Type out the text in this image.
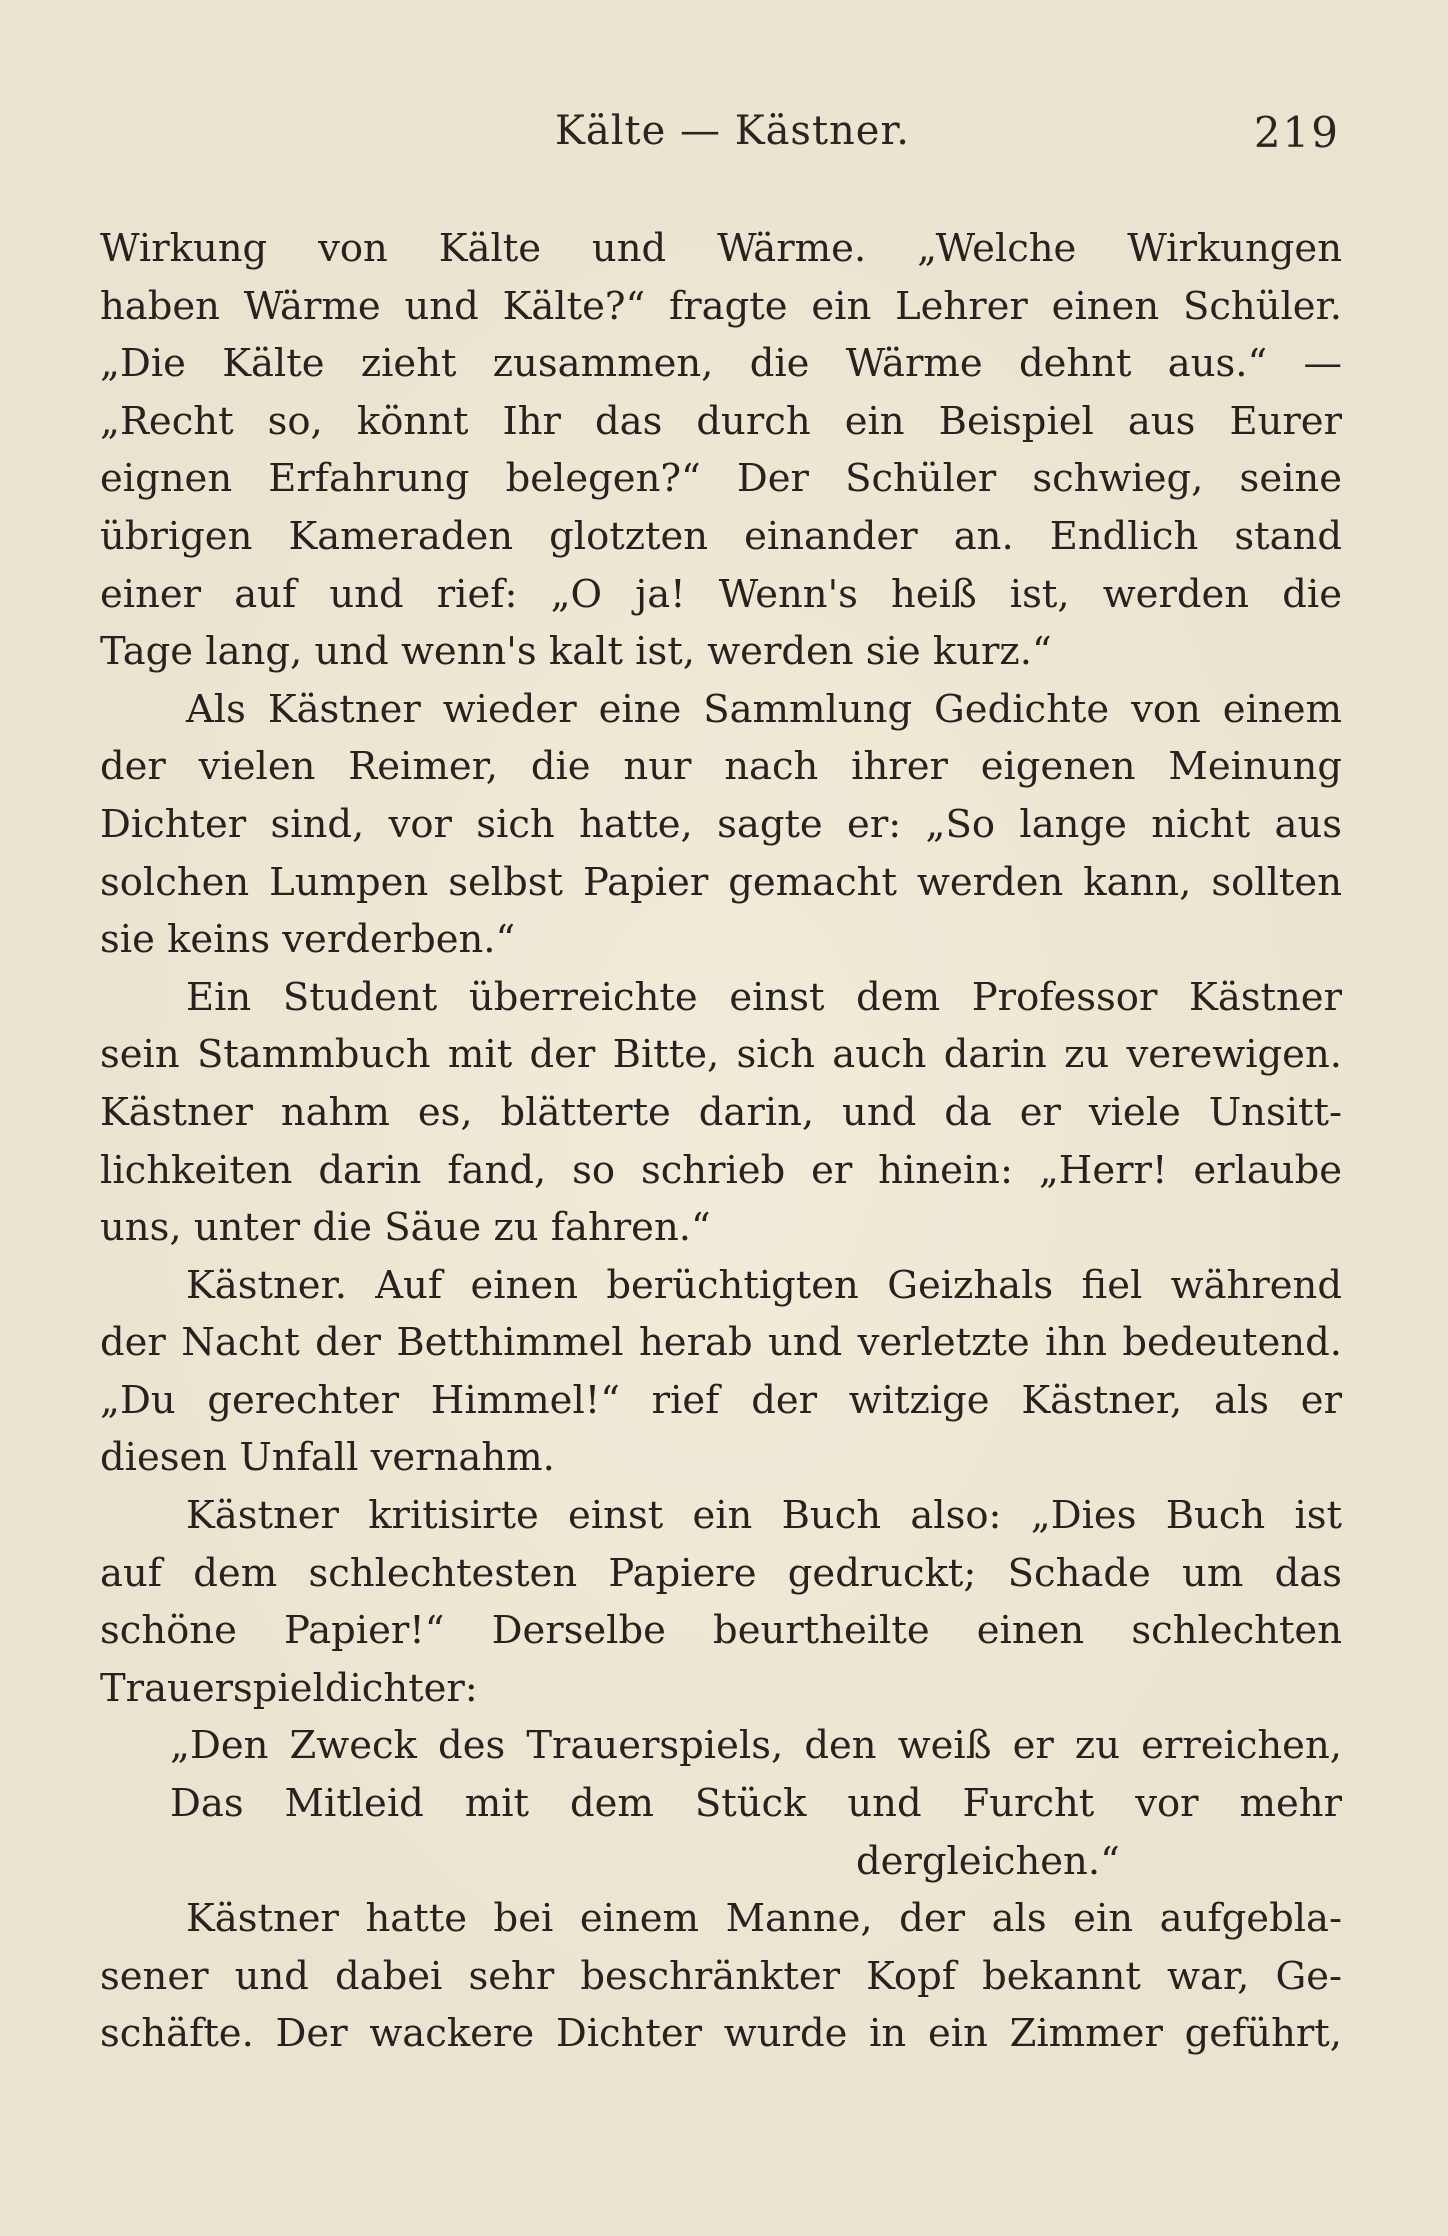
Kälte — Kästner.	219
Wirkung von Kälte und Wärme. „Welche Wirkungen
haben Wärme und Kälte?“ fragte ein Lehrer einen Schüler.
„Die Kälte zieht zusammen, die Wärme dehnt aus.“ —
„Recht so, könnt Ihr das durch ein Beispiel aus Eurer
eignen Erfahrung belegen?“ Der Schüler schwieg, seine
übrigen Kameraden glotzten einander an. Endlich stand
einer auf und rief: „O ja! Wenn's heiß ist, werden die
Tage lang, und wenn's kalt ist, werden sie kurz.“
Als Kästner wieder eine Sammlung Gedichte von einem
der vielen Reimer, die nur nach ihrer eigenen Meinung
Dichter sind, vor sich hatte, sagte er: „So lange nicht aus
solchen Lumpen selbst Papier gemacht werden kann, sollten
sie keins verderben.“
Ein Student überreichte einst dem Professor Kästner
sein Stammbuch mit der Bitte, sich auch darin zu verewigen.
Kästner nahm es, blätterte darin, und da er viele Unsitt-
lichkeiten darin fand, so schrieb er hinein: „Herr! erlaube
uns, unter die Säue zu fahren.“
Kästner. Auf einen berüchtigten Geizhals fiel während
der Nacht der Betthimmel herab und verletzte ihn bedeutend.
„Du gerechter Himmel!“ rief der witzige Kästner, als er
diesen Unfall vernahm.
Kästner kritisirte einst ein Buch also: „Dies Buch ist
auf dem schlechtesten Papiere gedruckt; Schade um das
schöne Papier!“ Derselbe beurtheilte einen schlechten
Trauerspieldichter:
„Den Zweck des Trauerspiels, den weiß er zu erreichen,
Das Mitleid mit dem Stück und Furcht vor mehr
dergleichen.“
Kästner hatte bei einem Manne, der als ein aufgebla-
sener und dabei sehr beschränkter Kopf bekannt war, Ge-
schäfte. Der wackere Dichter wurde in ein Zimmer geführt,
